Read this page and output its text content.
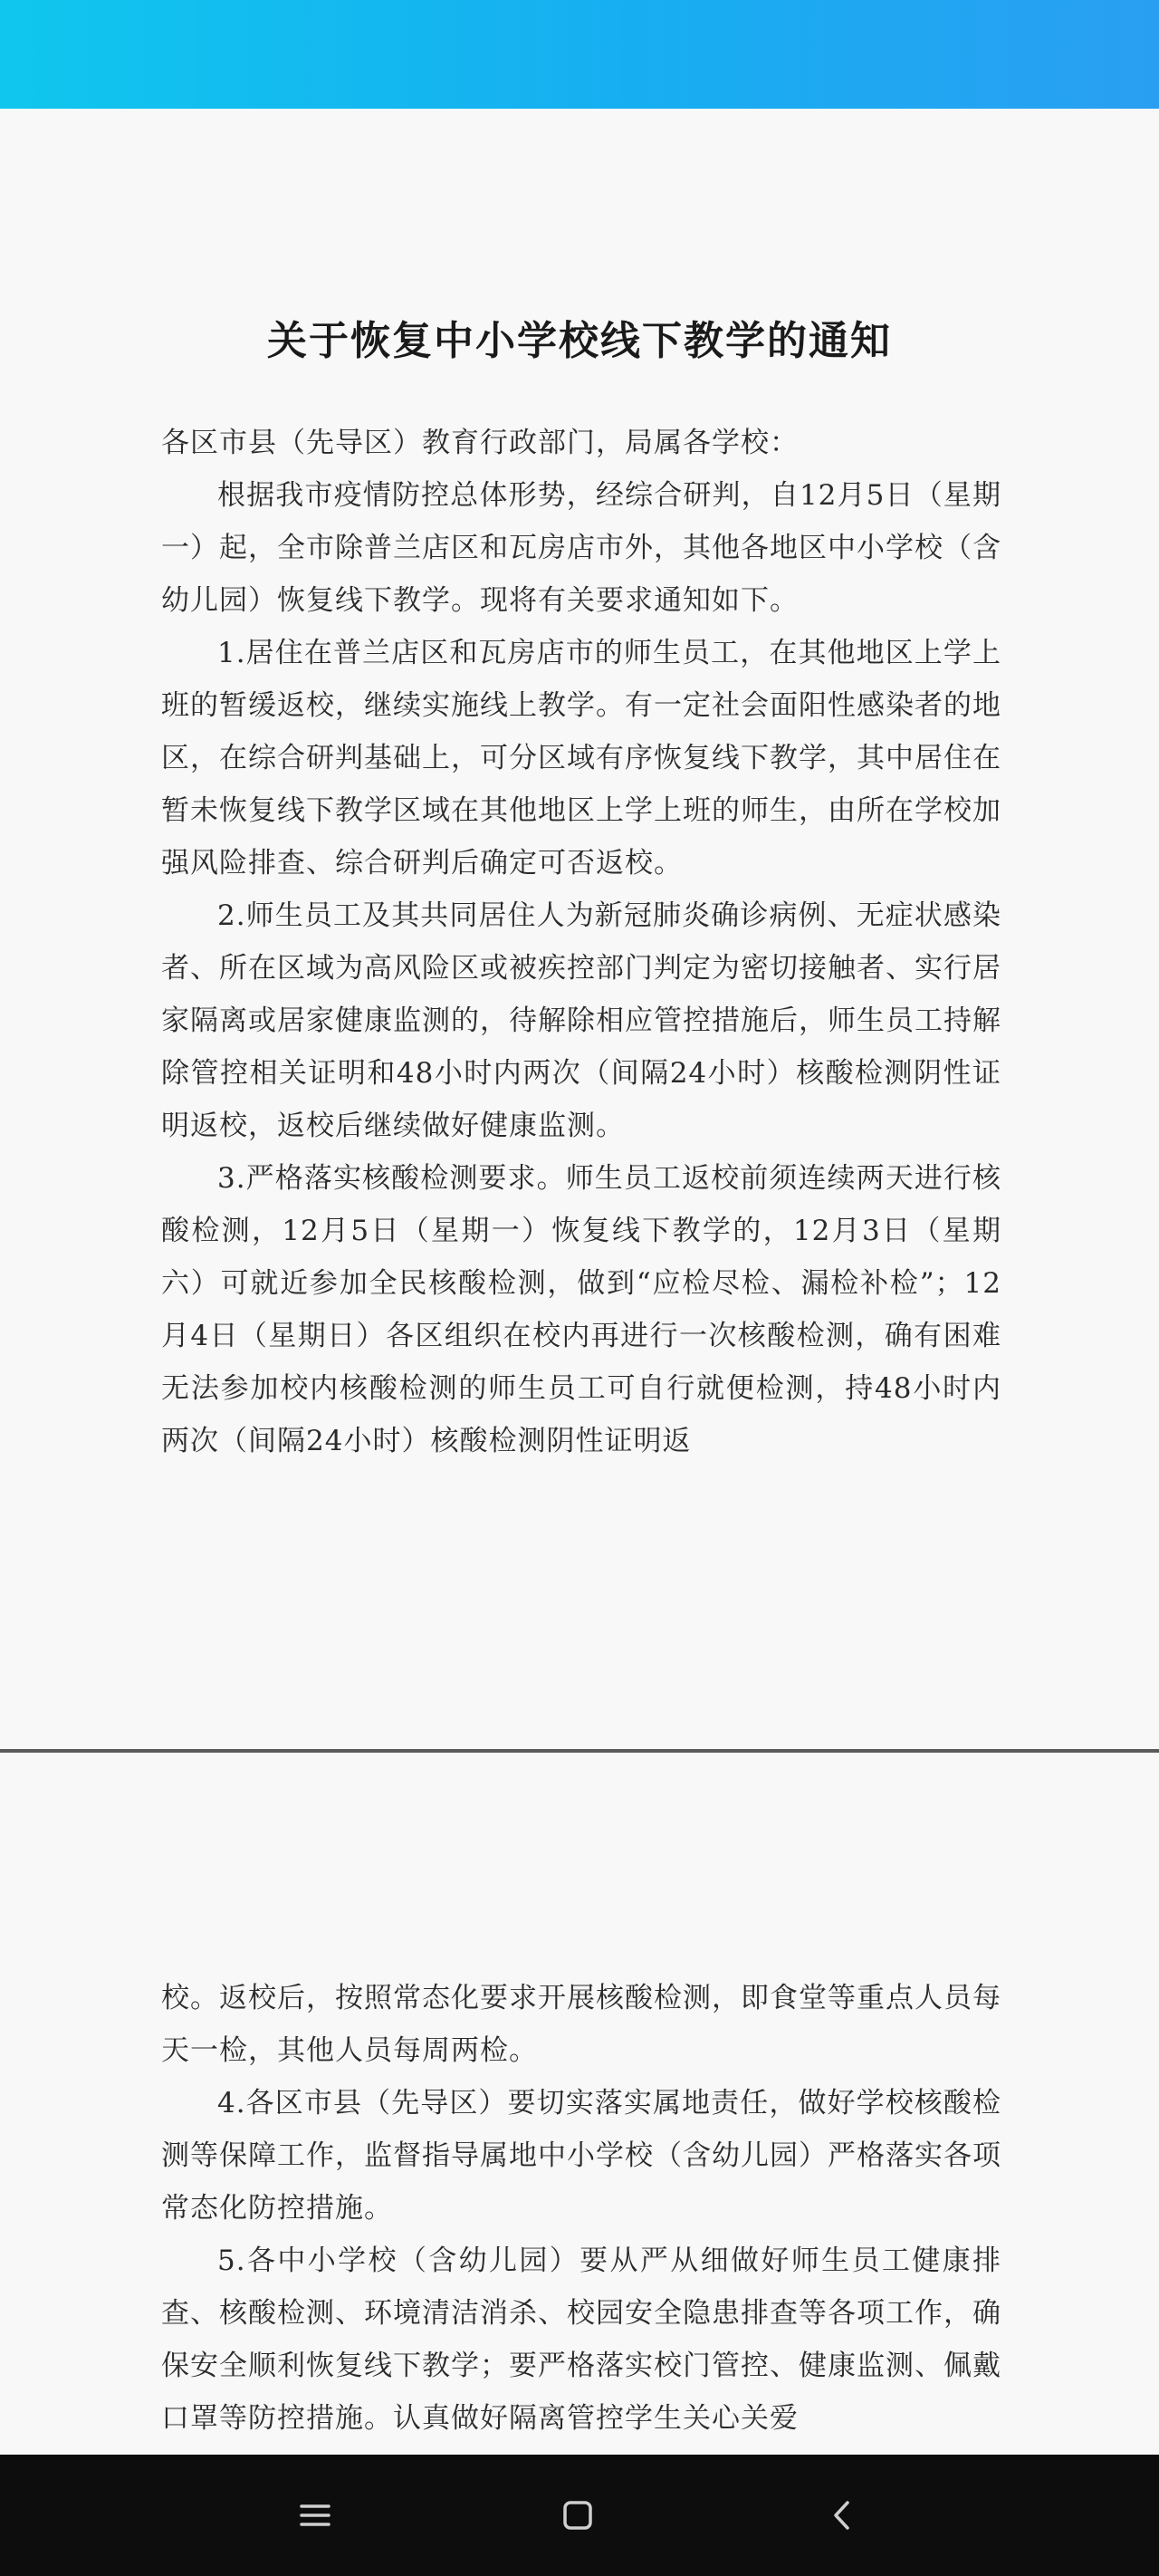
关于恢复中小学校线下教学的通知

各区市县（先导区）教育行政部门，局属各学校：

根据我市疫情防控总体形势，经综合研判，自12月5日（星期一）起，全市除普兰店区和瓦房店市外，其他各地区中小学校（含幼儿园）恢复线下教学。现将有关要求通知如下。

1.居住在普兰店区和瓦房店市的师生员工，在其他地区上学上班的暂缓返校，继续实施线上教学。有一定社会面阳性感染者的地区，在综合研判基础上，可分区域有序恢复线下教学，其中居住在暂未恢复线下教学区域在其他地区上学上班的师生，由所在学校加强风险排查、综合研判后确定可否返校。

2.师生员工及其共同居住人为新冠肺炎确诊病例、无症状感染者、所在区域为高风险区或被疾控部门判定为密切接触者、实行居家隔离或居家健康监测的，待解除相应管控措施后，师生员工持解除管控相关证明和48小时内两次（间隔24小时）核酸检测阴性证明返校，返校后继续做好健康监测。

3.严格落实核酸检测要求。师生员工返校前须连续两天进行核酸检测，12月5日（星期一）恢复线下教学的，12月3日（星期六）可就近参加全民核酸检测，做到“应检尽检、漏检补检”；12月4日（星期日）各区组织在校内再进行一次核酸检测，确有困难无法参加校内核酸检测的师生员工可自行就便检测，持48小时内两次（间隔24小时）核酸检测阴性证明返

校。返校后，按照常态化要求开展核酸检测，即食堂等重点人员每天一检，其他人员每周两检。

4.各区市县（先导区）要切实落实属地责任，做好学校核酸检测等保障工作，监督指导属地中小学校（含幼儿园）严格落实各项常态化防控措施。

5.各中小学校（含幼儿园）要从严从细做好师生员工健康排查、核酸检测、环境清洁消杀、校园安全隐患排查等各项工作，确保安全顺利恢复线下教学；要严格落实校门管控、健康监测、佩戴口罩等防控措施。认真做好隔离管控学生关心关爱
